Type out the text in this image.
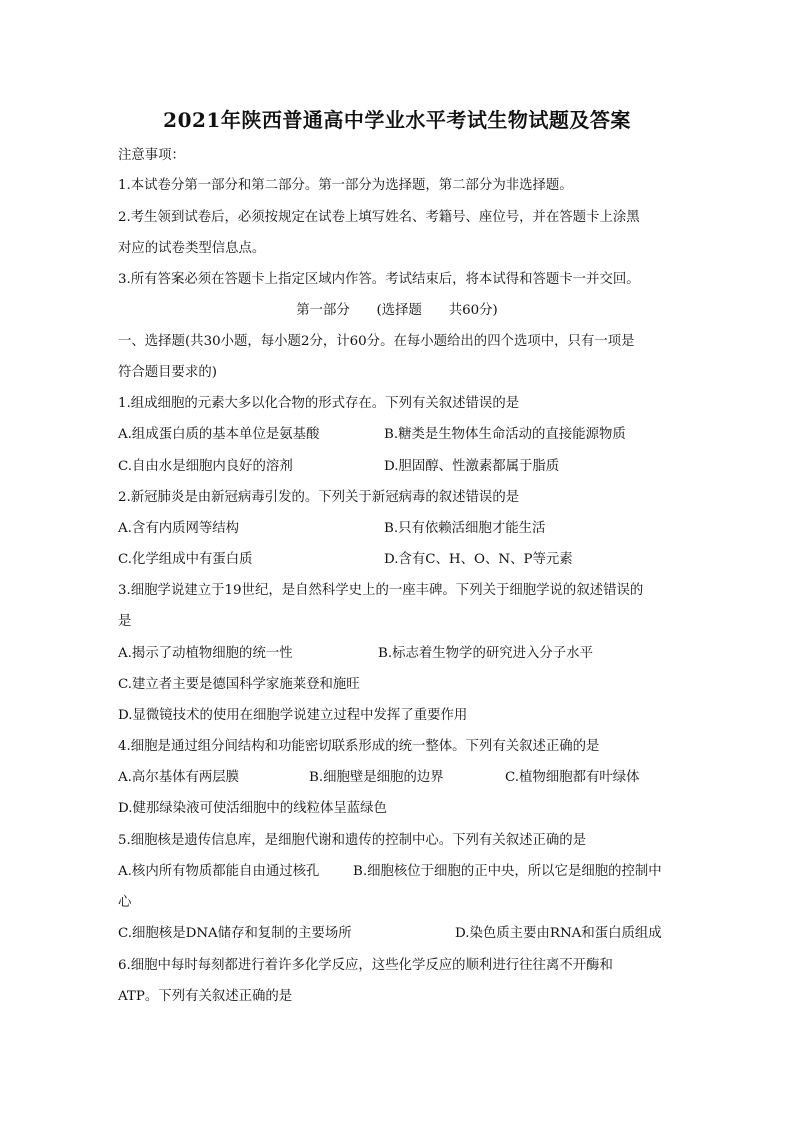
2021年陕西普通高中学业水平考试生物试题及答案
注意事项：
1.本试卷分第一部分和第二部分。第一部分为选择题，第二部分为非选择题。
2.考生领到试卷后，必须按规定在试卷上填写姓名、考籍号、座位号，并在答题卡上涂黑
对应的试卷类型信息点。
3.所有答案必须在答题卡上指定区域内作答。考试结束后，将本试得和答题卡一并交回。
第一部分　　(选择题　　共60分)
一、选择题(共30小题，每小题2分，计60分。在每小题给出的四个选项中，只有一项是
符合题目要求的)
1.组成细胞的元素大多以化合物的形式存在。下列有关叙述错误的是
A.组成蛋白质的基本单位是氨基酸	B.糖类是生物体生命活动的直接能源物质
C.自由水是细胞内良好的溶剂	D.胆固醇、性激素都属于脂质
2.新冠肺炎是由新冠病毒引发的。下列关于新冠病毒的叙述错误的是
A.含有内质网等结构	B.只有依赖活细胞才能生活
C.化学组成中有蛋白质	D.含有C、H、O、N、P等元素
3.细胞学说建立于19世纪，是自然科学史上的一座丰碑。下列关于细胞学说的叙述错误的
是
A.揭示了动植物细胞的统一性	B.标志着生物学的研究进入分子水平
C.建立者主要是德国科学家施莱登和施旺
D.显微镜技术的使用在细胞学说建立过程中发挥了重要作用
4.细胞是通过组分间结构和功能密切联系形成的统一整体。下列有关叙述正确的是
A.高尔基体有两层膜	B.细胞壁是细胞的边界	C.植物细胞都有叶绿体
D.健那绿染液可使活细胞中的线粒体呈蓝绿色
5.细胞核是遗传信息库，是细胞代谢和遗传的控制中心。下列有关叙述正确的是
A.核内所有物质都能自由通过核孔	B.细胞核位于细胞的正中央，所以它是细胞的控制中
心
C.细胞核是DNA储存和复制的主要场所	D.染色质主要由RNA和蛋白质组成
6.细胞中每时每刻都进行着许多化学反应，这些化学反应的顺利进行往往离不开酶和
ATP。下列有关叙述正确的是
